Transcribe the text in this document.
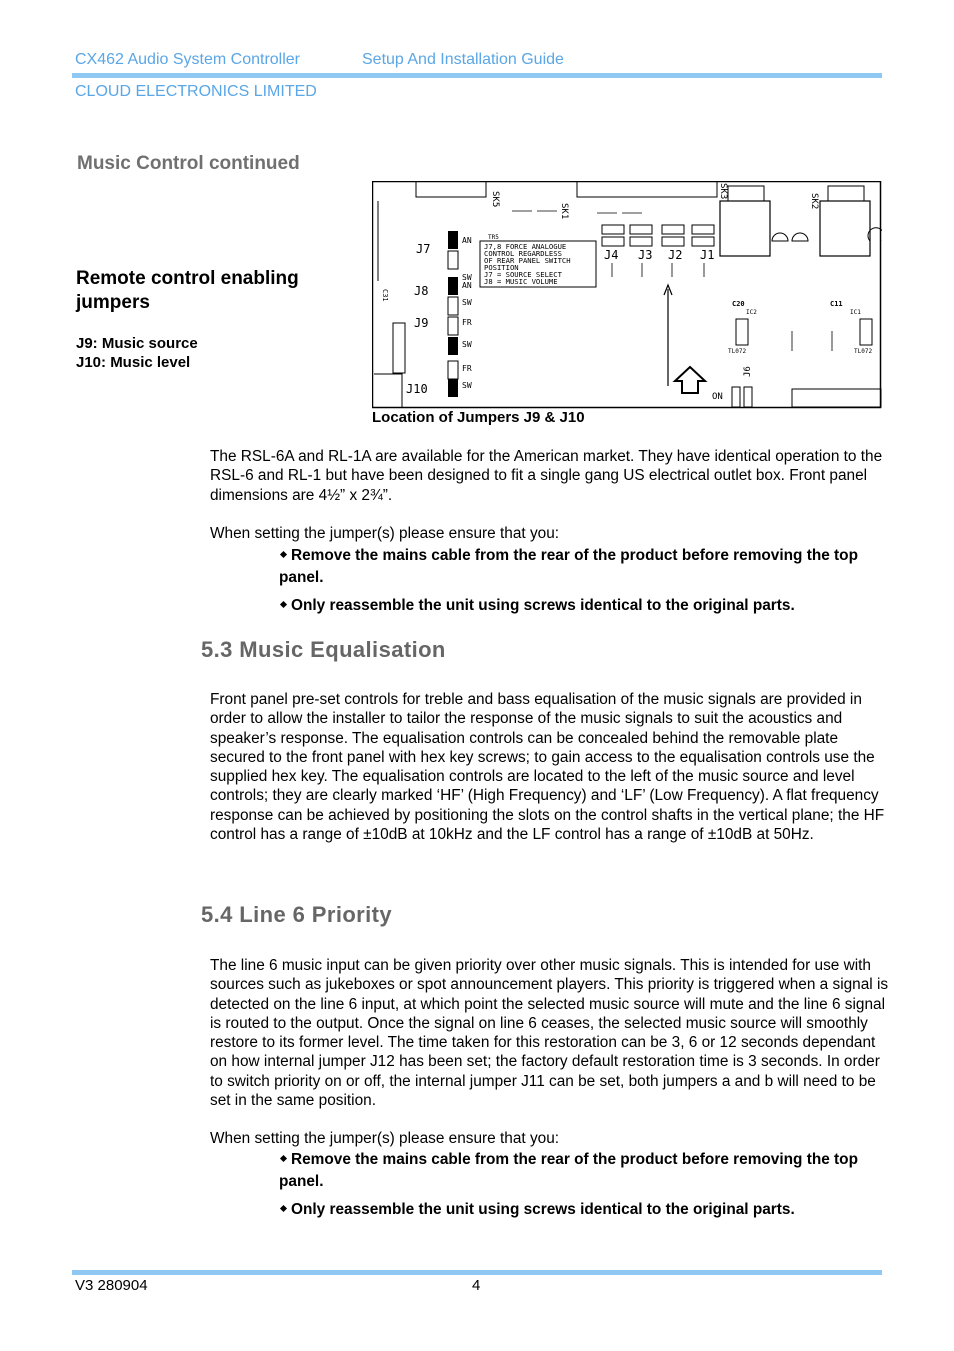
CX462 Audio System Controller	Setup And Installation Guide
CLOUD ELECTRONICS LIMITED
Music Control continued
Remote control enabling jumpers
J9: Music source
J10: Music level
SK5	SK3
SK2
SK1
J4 J3 J2 J1
J7,8 FORCE ANALOGUE
CONTROL REGARDLESS
OF REAR PANEL SWITCH
POSITION
J7 = SOURCE SELECT
J8 = MUSIC VOLUME
TR5
J7
AN
SW
J8	AN
SW
J9	FR
SW
J10
FR
SW
C31
J6
ON
TL072	TL072
IC2	IC1
C20	C11
Location of Jumpers J9 & J10
The RSL-6A and RL-1A are available for the American market. They have identical operation to the RSL-6 and RL-1 but have been designed to fit a single gang US electrical outlet box. Front panel dimensions are 4½” x 2¾”.
When setting the jumper(s) please ensure that you:
Remove the mains cable from the rear of the product before removing the top panel.
Only reassemble the unit using screws identical to the original parts.
5.3 Music Equalisation
Front panel pre-set controls for treble and bass equalisation of the music signals are provided in order to allow the installer to tailor the response of the music signals to suit the acoustics and speaker’s response. The equalisation controls can be concealed behind the removable plate secured to the front panel with hex key screws; to gain access to the equalisation controls use the supplied hex key. The equalisation controls are located to the left of the music source and level controls; they are clearly marked ‘HF’ (High Frequency) and ‘LF’ (Low Frequency). A flat frequency response can be achieved by positioning the slots on the control shafts in the vertical plane; the HF control has a range of ±10dB at 10kHz and the LF control has a range of ±10dB at 50Hz.
5.4 Line 6 Priority
The line 6 music input can be given priority over other music signals. This is intended for use with sources such as jukeboxes or spot announcement players. This priority is triggered when a signal is detected on the line 6 input, at which point the selected music source will mute and the line 6 signal is routed to the output. Once the signal on line 6 ceases, the selected music source will smoothly restore to its former level. The time taken for this restoration can be 3, 6 or 12 seconds dependant on how internal jumper J12 has been set; the factory default restoration time is 3 seconds. In order to switch priority on or off, the internal jumper J11 can be set, both jumpers a and b will need to be set in the same position.
When setting the jumper(s) please ensure that you:
Remove the mains cable from the rear of the product before removing the top panel.
Only reassemble the unit using screws identical to the original parts.
V3 280904	4
